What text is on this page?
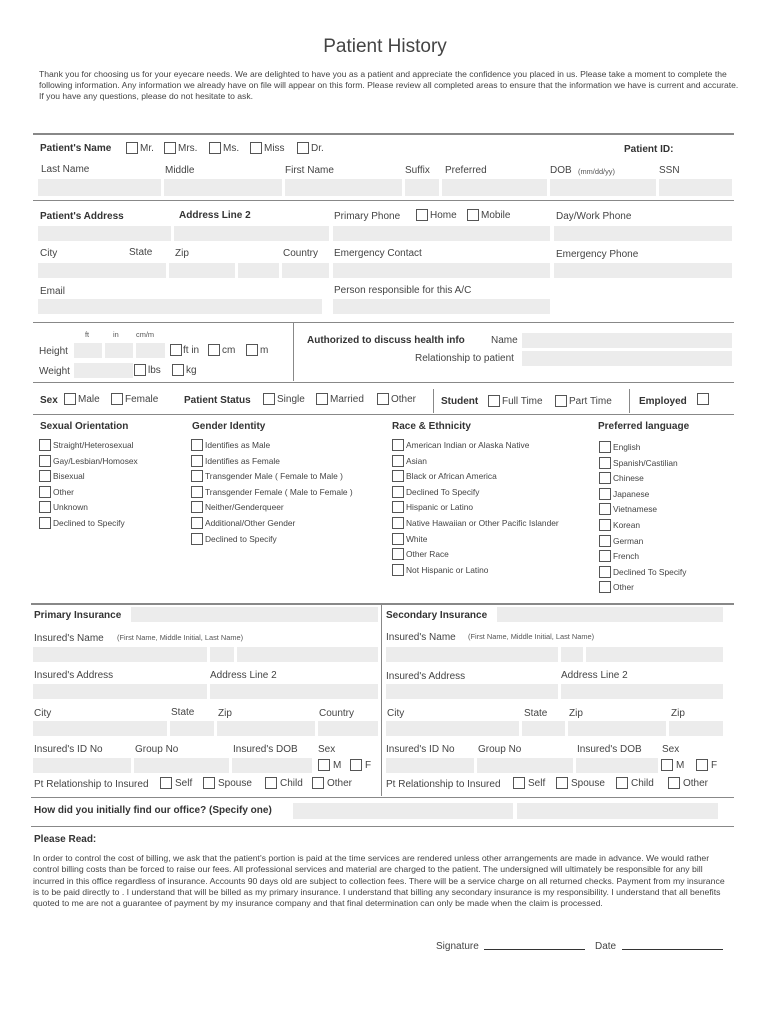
Patient History
Thank you for choosing us for your eyecare needs. We are delighted to have you as a patient and appreciate the confidence you placed in us. Please take a moment to complete the following information. Any information we already have on file will appear on this form. Please review all completed areas to ensure that the information we have is current and accurate. If you have any questions, please do not hesitate to ask.
Patient's Name	Mr. Mrs.	Ms. Miss	Dr.	Patient ID:
Last Name	Middle	First Name	Suffix Preferred	DOB (mm/dd/yy)	SSN
Patient's Address	Address Line 2	Primary Phone	Home Mobile	Day/Work Phone
City	State Zip	Country Emergency Contact	Emergency Phone
Email	Person responsible for this A/C
ft	in cm/m
Height	ft in cm m
Weight	lbs	kg
Authorized to discuss health info	Name
Relationship to patient
Sex Male	Female	Patient Status	Single	Married	Other Student Full Time	Part Time	Employed
Sexual Orientation
Straight/Heterosexual
Gay/Lesbian/Homosex
Bisexual
Other
Unknown
Declined to Specify
Gender Identity
Identifies as Male
Identifies as Female
Transgender Male ( Female to Male )
Transgender Female ( Male to Female )
Neither/Genderqueer
Additional/Other Gender
Declined to Specify
Race & Ethnicity
American Indian or Alaska Native
Asian
Black or African America
Declined To Specify
Hispanic or Latino
Native Hawaiian or Other Pacific Islander
White
Other Race
Not Hispanic or Latino
Preferred language
English
Spanish/Castilian
Chinese
Japanese
Vietnamese
Korean
German
French
Declined To Specify
Other
Primary Insurance
Insured's Name (First Name, Middle Initial, Last Name)
Insured's Address	Address Line 2
City	State Zip	Country
Insured's ID No	Group No	Insured's DOB Sex
M F
Pt Relationship to Insured	Self	Spouse	Child Other
Secondary Insurance
Insured's Name (First Name, Middle Initial, Last Name)
Insured's Address	Address Line 2
City	State Zip	Zip
Insured's ID No Group No	Insured's DOB Sex
M	F
Pt Relationship to Insured	Self	Spouse	Child	Other
How did you initially find our office? (Specify one)
Please Read:
In order to control the cost of billing, we ask that the patient's portion is paid at the time services are rendered unless other arrangements are made in advance. We would rather control billing costs than be forced to raise our fees. All professional services and material are charged to the patient. The undersigned will ultimately be responsible for any bill incurred in this office regardless of insurance. Accounts 90 days old are subject to collection fees. There will be a service charge on all returned checks. Payment from my insurance is to be paid directly to . I understand that will be billed as my primary insurance. I understand that billing any secondary insurance is my responsibility. I understand that all benefits quoted to me are not a guarantee of payment by my insurance company and that final determination can only be made when the claim is processed.
Signature	Date
